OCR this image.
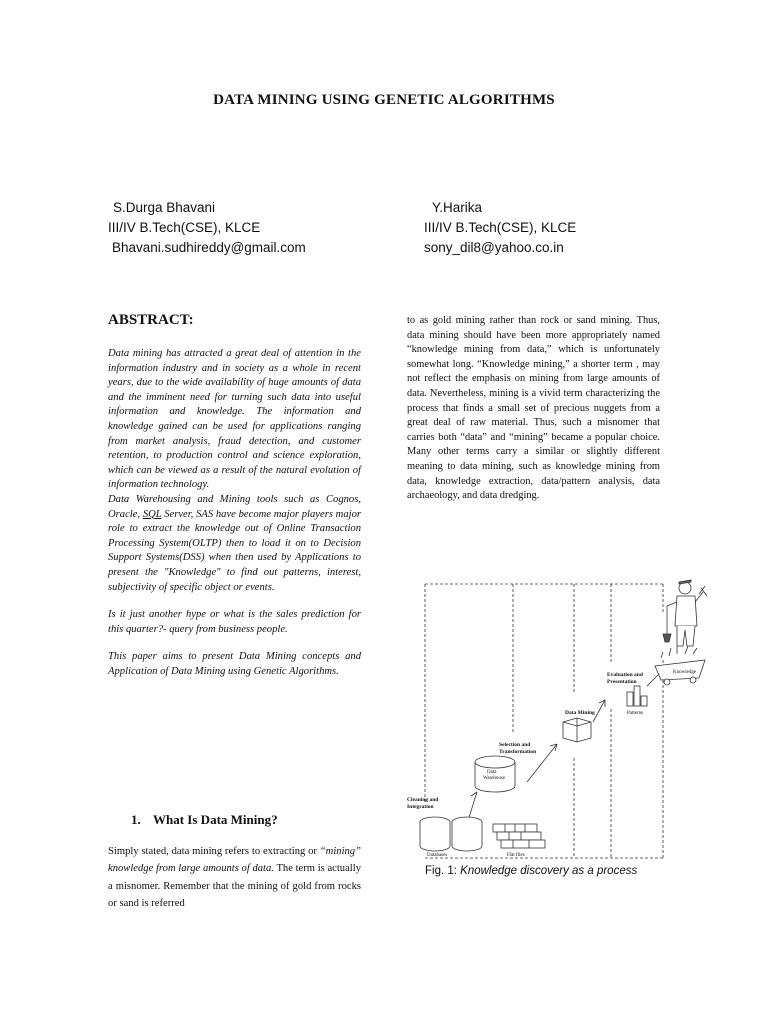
DATA MINING USING GENETIC ALGORITHMS
S.Durga Bhavani
III/IV B.Tech(CSE), KLCE
Bhavani.sudhireddy@gmail.com
Y.Harika
III/IV B.Tech(CSE), KLCE
sony_dil8@yahoo.co.in
ABSTRACT:

Data mining has attracted a great deal of attention in the information industry and in society as a whole in recent years, due to the wide availability of huge amounts of data and the imminent need for turning such data into useful information and knowledge. The information and knowledge gained can be used for applications ranging from market analysis, fraud detection, and customer retention, to production control and science exploration, which can be viewed as a result of the natural evolution of information technology.

Data Warehousing and Mining tools such as Cognos, Oracle, SQL Server, SAS have become major players major role to extract the knowledge out of Online Transaction Processing System(OLTP) then to load it on to Decision Support Systems(DSS) when then used by Applications to present the "Knowledge" to find out patterns, interest, subjectivity of specific object or events.

Is it just another hype or what is the sales prediction for this quarter?- query from business people.

This paper aims to present Data Mining concepts and Application of Data Mining using Genetic Algorithms.

1. What Is Data Mining?
Simply stated, data mining refers to extracting or “mining” knowledge from large amounts of data. The term is actually a misnomer. Remember that the mining of gold from rocks or sand is referred
to as gold mining rather than rock or sand mining. Thus, data mining should have been more appropriately named “knowledge mining from data,” which is unfortunately somewhat long. “Knowledge mining,” a shorter term , may not reflect the emphasis on mining from large amounts of data. Nevertheless, mining is a vivid term characterizing the process that finds a small set of precious nuggets from a great deal of raw material. Thus, such a misnomer that carries both “data” and “mining” became a popular choice. Many other terms carry a similar or slightly different meaning to data mining, such as knowledge mining from data, knowledge extraction, data/pattern analysis, data archaeology, and data dredging.
Cleaning and
Integration
Selection and
Transformation
Data Mining
Evaluation and
Presentation
Knowledge
Patterns
Data
Warehouse
Databases	Flat files
Fig. 1: Knowledge discovery as a process
